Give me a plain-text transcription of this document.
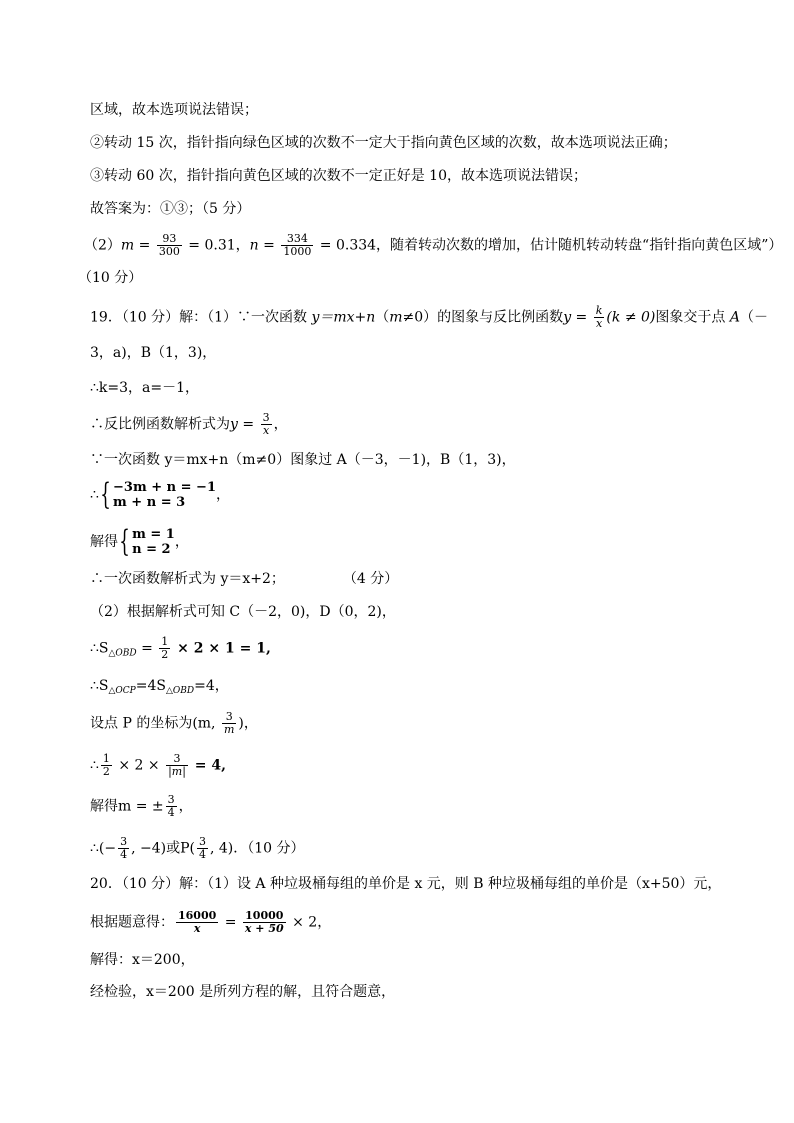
区域，故本选项说法错误；
②转动 15 次，指针指向绿色区域的次数不一定大于指向黄色区域的次数，故本选项说法正确；
③转动 60 次，指针指向黄色区域的次数不一定正好是 10，故本选项说法错误；
故答案为：①③；（5 分）
$(2)m = \frac{93}{300} = 0.31$，$n = \frac{334}{1000} = 0.334$，随着转动次数的增加，估计随机转动转盘“指针指向黄色区域”）
（10 分）
19．（10 分）解：（1）∵一次函数 y＝mx+n（m≠0）的图象与反比例函数$y = \frac{k}{x} (k \ne 0)$图象交于点 A（－
3，a)，B（1，3)，
∴k=3，a=－1，
∴反比例函数解析式为$y = \frac{3}{x}$ ，
∵一次函数 y＝mx+n（m≠0）图象过 A（－3，－1)，B（1，3)，
∴{ −3m + n = −1
m + n = 3	，
解得{ m = 1
n = 2 ，
∴一次函数解析式为 y＝x+2；	（4 分）
（2）根据解析式可知 C（－2，0)，D（0，2)，
$\therefore S_{\triangle OBD} = \frac{1}{2} \times 2 \times 1 = 1$,
$\therefore S_{\triangle OCP}=4S_{\triangle OBD}=4$，
设点 P 的坐标为(m, $\frac{3}{m}$ )，
∴ $\frac{1}{2} \times 2 \times \frac{3}{|m|} = 4$,
解得m = ± $\frac{3}{4}$ ，
∴(− $\frac{3}{4}$ , −4)或$P( \frac{3}{4}$ , 4)．（10 分）
20．（10 分）解：（1）设 A 种垃圾桶每组的单价是 x 元，则 B 种垃圾桶每组的单价是（x+50）元，
根据题意得： $\frac{16000}{x} = \frac{10000}{x + 50} \times 2$，
解得：x＝200，
经检验，x＝200 是所列方程的解，且符合题意，
